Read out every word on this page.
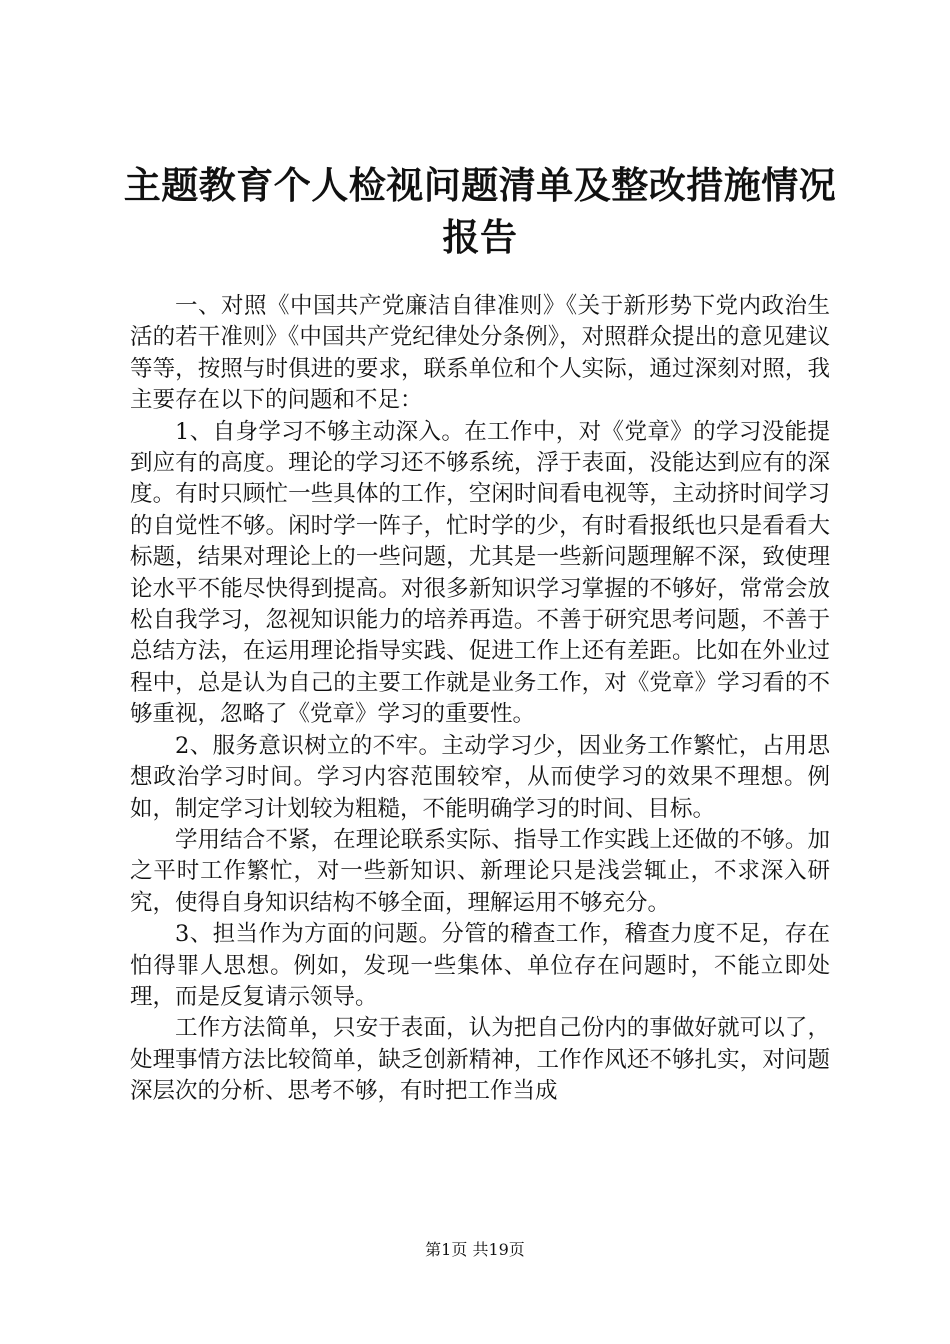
主题教育个人检视问题清单及整改措施情况报告

一、对照《中国共产党廉洁自律准则》《关于新形势下党内政治生活的若干准则》《中国共产党纪律处分条例》，对照群众提出的意见建议等等，按照与时俱进的要求，联系单位和个人实际，通过深刻对照，我主要存在以下的问题和不足：

1、自身学习不够主动深入。在工作中，对《党章》的学习没能提到应有的高度。理论的学习还不够系统，浮于表面，没能达到应有的深度。有时只顾忙一些具体的工作，空闲时间看电视等，主动挤时间学习的自觉性不够。闲时学一阵子，忙时学的少，有时看报纸也只是看看大标题，结果对理论上的一些问题，尤其是一些新问题理解不深，致使理论水平不能尽快得到提高。对很多新知识学习掌握的不够好，常常会放松自我学习，忽视知识能力的培养再造。不善于研究思考问题，不善于总结方法，在运用理论指导实践、促进工作上还有差距。比如在外业过程中，总是认为自己的主要工作就是业务工作，对《党章》学习看的不够重视，忽略了《党章》学习的重要性。

2、服务意识树立的不牢。主动学习少，因业务工作繁忙，占用思想政治学习时间。学习内容范围较窄，从而使学习的效果不理想。例如，制定学习计划较为粗糙，不能明确学习的时间、目标。

学用结合不紧，在理论联系实际、指导工作实践上还做的不够。加之平时工作繁忙，对一些新知识、新理论只是浅尝辄止，不求深入研究，使得自身知识结构不够全面，理解运用不够充分。

3、担当作为方面的问题。分管的稽查工作，稽查力度不足，存在怕得罪人思想。例如，发现一些集体、单位存在问题时，不能立即处理，而是反复请示领导。

工作方法简单，只安于表面，认为把自己份内的事做好就可以了，处理事情方法比较简单，缺乏创新精神，工作作风还不够扎实，对问题深层次的分析、思考不够，有时把工作当成

第1页 共19页
